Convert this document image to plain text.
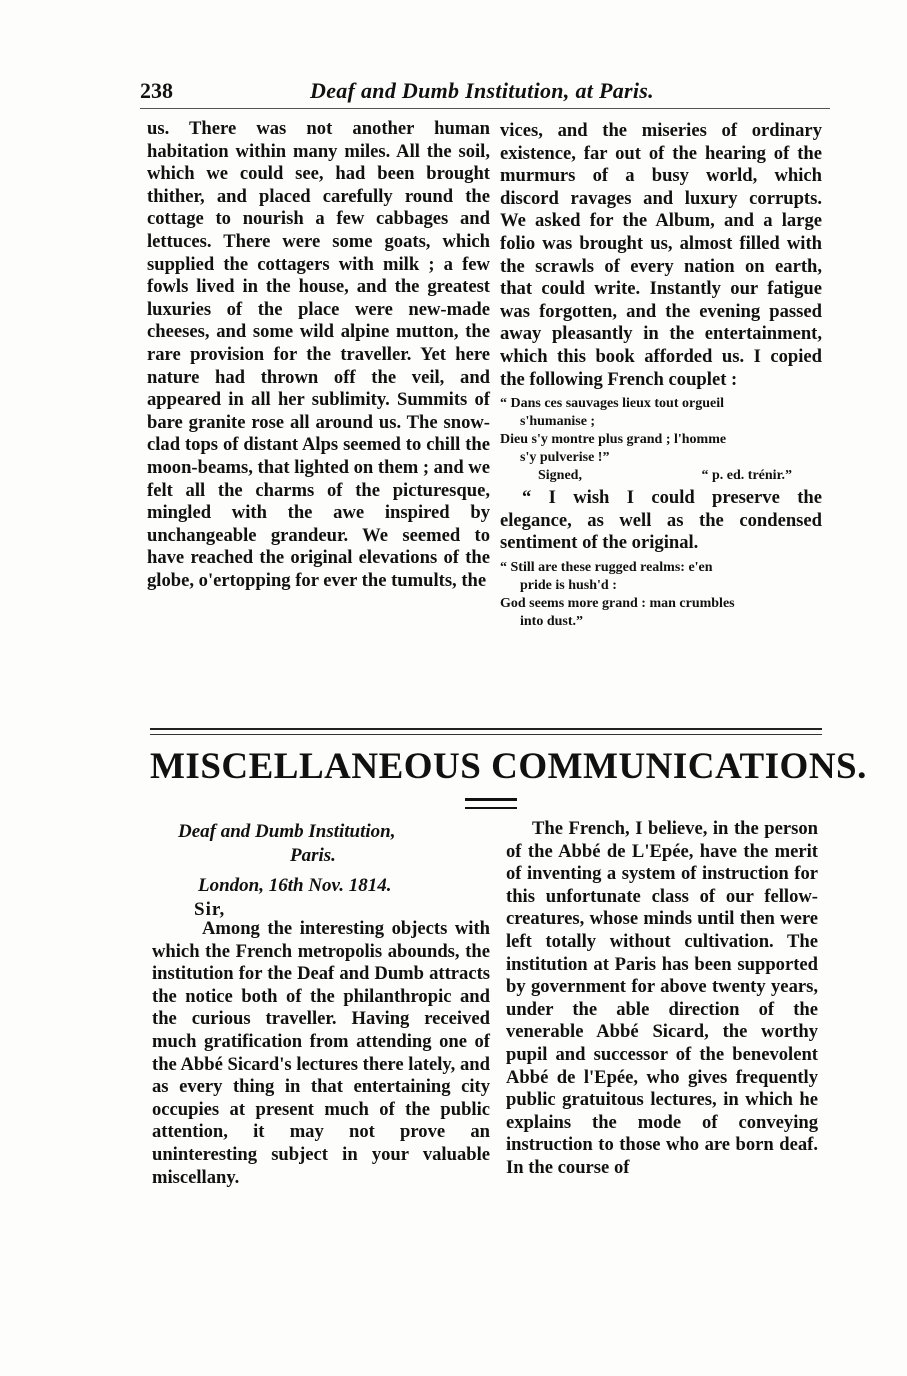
238	Deaf and Dumb Institution, at Paris.

us. There was not another human habitation within many miles. All the soil, which we could see, had been brought thither, and placed carefully round the cottage to nourish a few cabbages and lettuces. There were some goats, which supplied the cottagers with milk ; a few fowls lived in the house, and the greatest luxuries of the place were new-made cheeses, and some wild alpine mutton, the rare provision for the traveller. Yet here nature had thrown off the veil, and appeared in all her sublimity. Summits of bare granite rose all around us. The snow-clad tops of distant Alps seemed to chill the moon-beams, that lighted on them ; and we felt all the charms of the picturesque, mingled with the awe inspired by unchangeable grandeur. We seemed to have reached the original elevations of the globe, o'ertopping for ever the tumults, the

vices, and the miseries of ordinary existence, far out of the hearing of the murmurs of a busy world, which discord ravages and luxury corrupts. We asked for the Album, and a large folio was brought us, almost filled with the scrawls of every nation on earth, that could write. Instantly our fatigue was forgotten, and the evening passed away pleasantly in the entertainment, which this book afforded us. I copied the following French couplet :

“ Dans ces sauvages lieux tout orgueil

s'humanise ;

Dieu s'y montre plus grand ; l'homme

s'y pulverise !”

Signed,	“ p. ed. trénir.”

“ I wish I could preserve the elegance, as well as the condensed sentiment of the original.

“ Still are these rugged realms: e'en

pride is hush'd :

God seems more grand : man crumbles

into dust.”

MISCELLANEOUS COMMUNICATIONS.
Deaf and Dumb Institution,
Paris.
London, 16th Nov. 1814.
Sir,

Among the interesting objects with which the French metropolis abounds, the institution for the Deaf and Dumb attracts the notice both of the philanthropic and the curious traveller. Having received much gratification from attending one of the Abbé Sicard's lectures there lately, and as every thing in that entertaining city occupies at present much of the public attention, it may not prove an uninteresting subject in your valuable miscellany.

The French, I believe, in the person of the Abbé de L'Epée, have the merit of inventing a system of instruction for this unfortunate class of our fellow-creatures, whose minds until then were left totally without cultivation. The institution at Paris has been supported by government for above twenty years, under the able direction of the venerable Abbé Sicard, the worthy pupil and successor of the benevolent Abbé de l'Epée, who gives frequently public gratuitous lectures, in which he explains the mode of conveying instruction to those who are born deaf. In the course of
